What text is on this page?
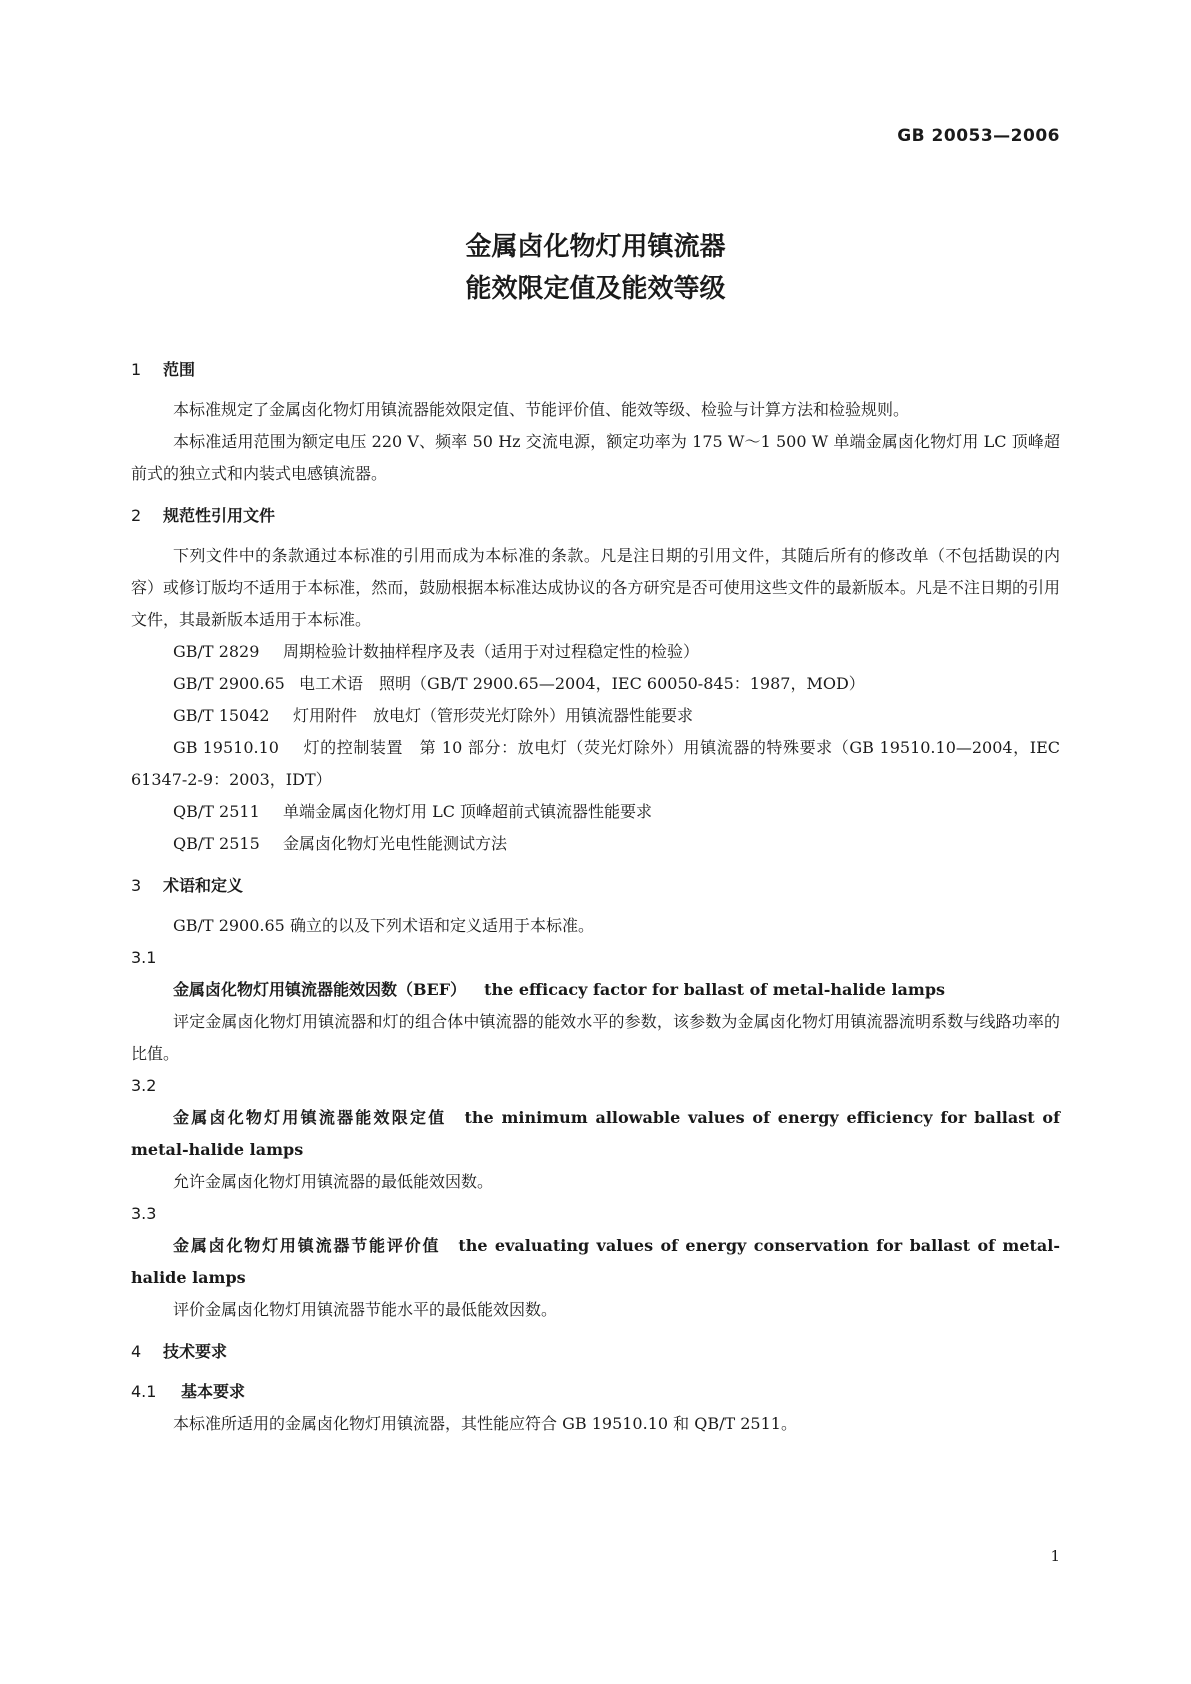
GB 20053—2006
金属卤化物灯用镇流器
能效限定值及能效等级
1 范围

本标准规定了金属卤化物灯用镇流器能效限定值、节能评价值、能效等级、检验与计算方法和检验规则。

本标准适用范围为额定电压 220 V、频率 50 Hz 交流电源，额定功率为 175 W～1 500 W 单端金属卤化物灯用 LC 顶峰超前式的独立式和内装式电感镇流器。

2 规范性引用文件

下列文件中的条款通过本标准的引用而成为本标准的条款。凡是注日期的引用文件，其随后所有的修改单（不包括勘误的内容）或修订版均不适用于本标准，然而，鼓励根据本标准达成协议的各方研究是否可使用这些文件的最新版本。凡是不注日期的引用文件，其最新版本适用于本标准。

GB/T 2829 周期检验计数抽样程序及表（适用于对过程稳定性的检验）

GB/T 2900.65 电工术语　照明（GB/T 2900.65—2004，IEC 60050-845：1987，MOD）

GB/T 15042 灯用附件　放电灯（管形荧光灯除外）用镇流器性能要求

GB 19510.10 灯的控制装置　第 10 部分：放电灯（荧光灯除外）用镇流器的特殊要求（GB 19510.10—2004，IEC 61347-2-9：2003，IDT）

QB/T 2511 单端金属卤化物灯用 LC 顶峰超前式镇流器性能要求

QB/T 2515 金属卤化物灯光电性能测试方法

3 术语和定义

GB/T 2900.65 确立的以及下列术语和定义适用于本标准。

3.1

金属卤化物灯用镇流器能效因数（BEF） the efficacy factor for ballast of metal-halide lamps

评定金属卤化物灯用镇流器和灯的组合体中镇流器的能效水平的参数，该参数为金属卤化物灯用镇流器流明系数与线路功率的比值。

3.2

金属卤化物灯用镇流器能效限定值 the minimum allowable values of energy efficiency for ballast of metal-halide lamps

允许金属卤化物灯用镇流器的最低能效因数。

3.3

金属卤化物灯用镇流器节能评价值 the evaluating values of energy conservation for ballast of metal-halide lamps

评价金属卤化物灯用镇流器节能水平的最低能效因数。

4 技术要求
4.1 基本要求

本标准所适用的金属卤化物灯用镇流器，其性能应符合 GB 19510.10 和 QB/T 2511。

1
